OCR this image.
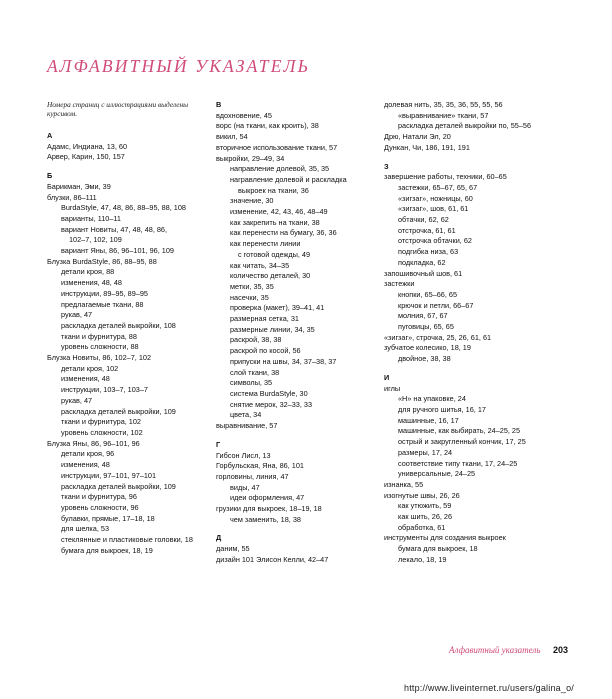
АЛФАВИТНЫЙ УКАЗАТЕЛЬ
Номера страниц с иллюстрациями выделены курсивом.
А
Адамс, Индиана, 13, 60
Арвер, Карин, 150, 157
Б
Барикман, Эми, 39
блузки, 86–111
BurdaStyle, 47, 48, 86, 88–95, 88, 108
варианты, 110–11
вариант Новиты, 47, 48, 48, 86,
102–7, 102, 109
вариант Яны, 86, 96–101, 96, 109
Блузка BurdaStyle, 86, 88–95, 88
детали кроя, 88
изменения, 48, 48
инструкции, 89–95, 89–95
предлагаемые ткани, 88
рукав, 47
раскладка деталей выкройки, 108
ткани и фурнитура, 88
уровень сложности, 88
Блузка Новиты, 86, 102–7, 102
детали кроя, 102
изменения, 48
инструкции, 103–7, 103–7
рукав, 47
раскладка деталей выкройки, 109
ткани и фурнитура, 102
уровень сложности, 102
Блузка Яны, 86, 96–101, 96
детали кроя, 96
изменения, 48
инструкции, 97–101, 97–101
раскладка деталей выкройки, 109
ткани и фурнитура, 96
уровень сложности, 96
булавки, прямые, 17–18, 18
для шелка, 53
стеклянные и пластиковые головки, 18
бумага для выкроек, 18, 19
В
вдохновение, 45
ворс (на ткани, как кроить), 38
викил, 54
вторичное использование ткани, 57
выкройки, 29–49, 34
направление долевой, 35, 35
награвление долевой и раскладка
выкроек на ткани, 36
значение, 30
изменение, 42, 43, 46, 48–49
как закрепить на ткани, 38
как перенести на бумагу, 36, 36
как перенести линии
с готовой одежды, 49
как читать, 34–35
количество деталей, 30
метки, 35, 35
насечки, 35
проверка (макет), 39–41, 41
размерная сетка, 31
размерные линии, 34, 35
раскрой, 38, 38
раскрой по косой, 56
припуски на швы, 34, 37–38, 37
слой ткани, 38
символы, 35
система BurdaStyle, 30
снятие мерок, 32–33, 33
цвета, 34
выравнивание, 57
Г
Гибсон Лисл, 13
Горбульская, Яна, 86, 101
горловины, линия, 47
виды, 47
идеи оформления, 47
грузики для выкроек, 18–19, 18
чем заменить, 18, 38
Д
даним, 55
дизайн 101 Элисон Келли, 42–47
долевая нить, 35, 35, 36, 55, 55, 56
«выравнивание» ткани, 57
раскладка деталей выкройки по, 55–56
Дрю, Натали Эл, 20
Дункан, Чи, 186, 191, 191
З
завершение работы, техники, 60–65
застежки, 65–67, 65, 67
«зигзаг», ножницы, 60
«зигзаг», шов, 61, 61
обтачки, 62, 62
отстрочка, 61, 61
отстрочка обтачки, 62
подгибка низа, 63
подкладка, 62
запошивочный шов, 61
застежки
кнопки, 65–66, 65
крючок и петли, 66–67
молния, 67, 67
пуговицы, 65, 65
«зигзаг», строчка, 25, 26, 61, 61
зубчатое колесико, 18, 19
двойное, 38, 38
И
иглы
«Н» на упаковке, 24
для ручного шитья, 16, 17
машинные, 16, 17
машинные, как выбирать, 24–25, 25
острый и закругленный кончик, 17, 25
размеры, 17, 24
соответствие типу ткани, 17, 24–25
универсальные, 24–25
изнанка, 55
изогнутые швы, 26, 26
как утюжить, 59
как шить, 26, 26
обработка, 61
инструменты для создания выкроек
бумага для выкроек, 18
лекало, 18, 19
Алфавитный указатель 203
http://www.liveinternet.ru/users/galina_o/
